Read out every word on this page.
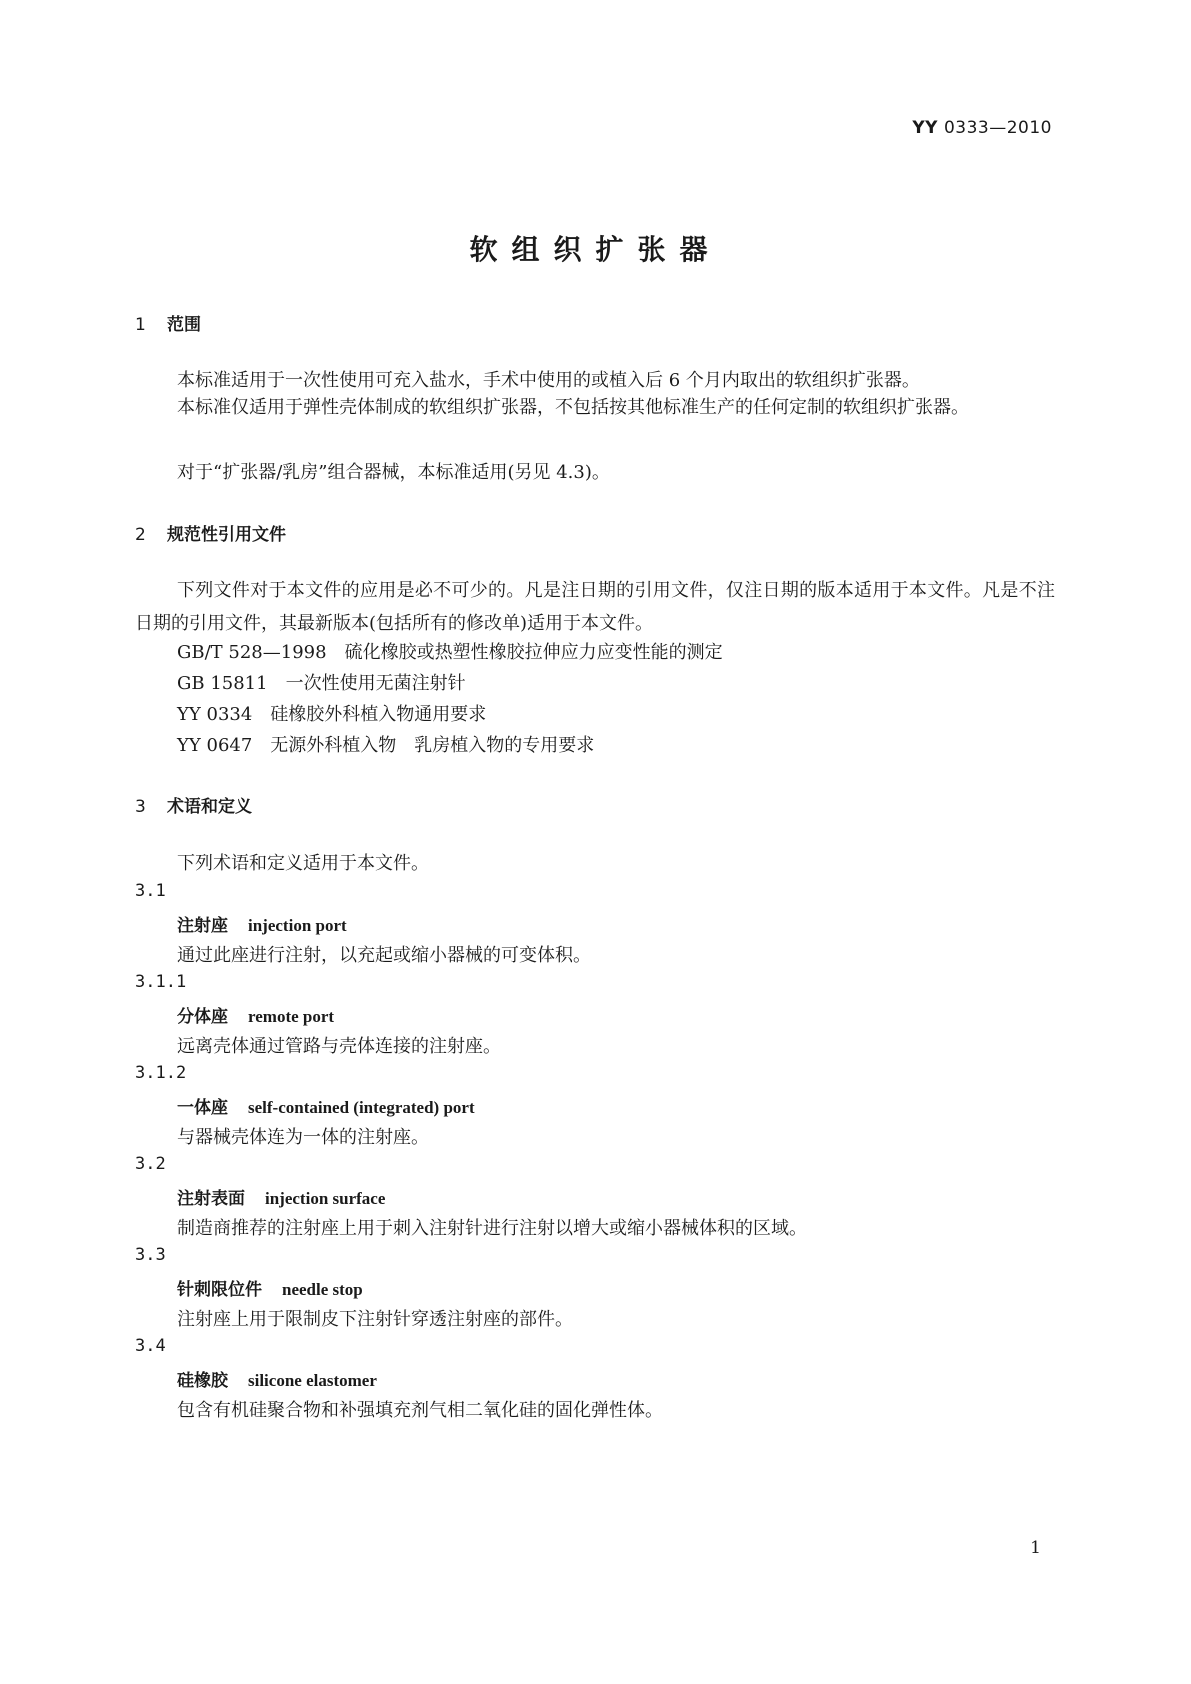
YY 0333—2010
软组织扩张器
1 范围
本标准适用于一次性使用可充入盐水，手术中使用的或植入后 6 个月内取出的软组织扩张器。
本标准仅适用于弹性壳体制成的软组织扩张器，不包括按其他标准生产的任何定制的软组织扩张器。
对于“扩张器/乳房”组合器械，本标准适用(另见 4.3)。
2 规范性引用文件
下列文件对于本文件的应用是必不可少的。凡是注日期的引用文件，仅注日期的版本适用于本文件。凡是不注日期的引用文件，其最新版本(包括所有的修改单)适用于本文件。
GB/T 528—1998 硫化橡胶或热塑性橡胶拉伸应力应变性能的测定
GB 15811 一次性使用无菌注射针
YY 0334 硅橡胶外科植入物通用要求
YY 0647 无源外科植入物　乳房植入物的专用要求
3 术语和定义
下列术语和定义适用于本文件。
3.1
注射座 injection port
通过此座进行注射，以充起或缩小器械的可变体积。
3.1.1
分体座 remote port
远离壳体通过管路与壳体连接的注射座。
3.1.2
一体座 self-contained (integrated) port
与器械壳体连为一体的注射座。
3.2
注射表面 injection surface
制造商推荐的注射座上用于刺入注射针进行注射以增大或缩小器械体积的区域。
3.3
针刺限位件 needle stop
注射座上用于限制皮下注射针穿透注射座的部件。
3.4
硅橡胶 silicone elastomer
包含有机硅聚合物和补强填充剂气相二氧化硅的固化弹性体。
1
